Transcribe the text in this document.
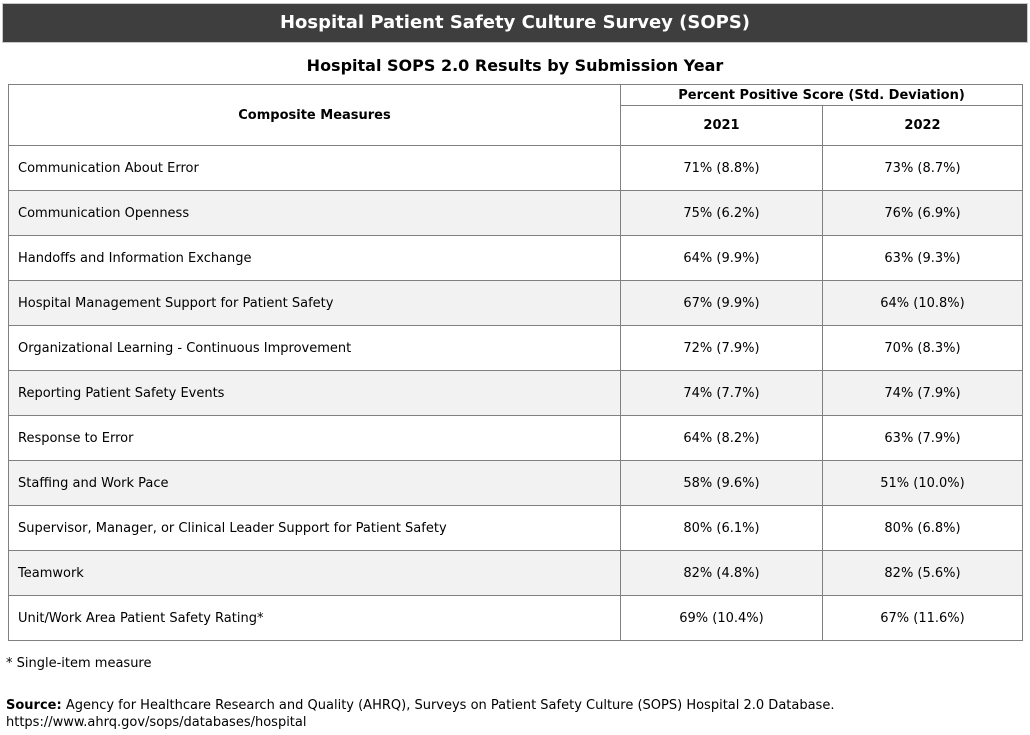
Hospital Patient Safety Culture Survey (SOPS)
Hospital SOPS 2.0 Results by Submission Year
Composite Measures	Percent Positive Score (Std. Deviation)	
	2021	2022
Communication About Error	71% (8.8%)	73% (8.7%)
Communication Openness	75% (6.2%)	76% (6.9%)
Handoffs and Information Exchange	64% (9.9%)	63% (9.3%)
Hospital Management Support for Patient Safety	67% (9.9%)	64% (10.8%)
Organizational Learning - Continuous Improvement	72% (7.9%)	70% (8.3%)
Reporting Patient Safety Events	74% (7.7%)	74% (7.9%)
Response to Error	64% (8.2%)	63% (7.9%)
Staffing and Work Pace	58% (9.6%)	51% (10.0%)
Supervisor, Manager, or Clinical Leader Support for Patient Safety	80% (6.1%)	80% (6.8%)
Teamwork	82% (4.8%)	82% (5.6%)
Unit/Work Area Patient Safety Rating*	69% (10.4%)	67% (11.6%)
* Single-item measure
Source: Agency for Healthcare Research and Quality (AHRQ), Surveys on Patient Safety Culture (SOPS) Hospital 2.0 Database.
https://www.ahrq.gov/sops/databases/hospital
